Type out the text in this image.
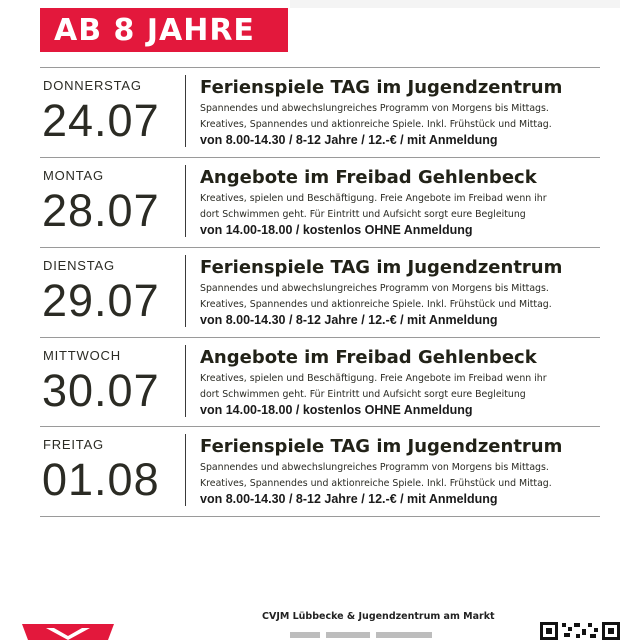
AB 8 JAHRE
DONNERSTAG
24.07
Ferienspiele TAG im Jugendzentrum
Spannendes und abwechslungreiches Programm von Morgens bis Mittags.
Kreatives, Spannendes und aktionreiche Spiele. Inkl. Frühstück und Mittag.
von 8.00-14.30 / 8-12 Jahre / 12.-€ / mit Anmeldung
MONTAG
28.07
Angebote im Freibad Gehlenbeck
Kreatives, spielen und Beschäftigung. Freie Angebote im Freibad wenn ihr
dort Schwimmen geht. Für Eintritt und Aufsicht sorgt eure Begleitung
von 14.00-18.00 / kostenlos OHNE Anmeldung
DIENSTAG
29.07
Ferienspiele TAG im Jugendzentrum
Spannendes und abwechslungreiches Programm von Morgens bis Mittags.
Kreatives, Spannendes und aktionreiche Spiele. Inkl. Frühstück und Mittag.
von 8.00-14.30 / 8-12 Jahre / 12.-€ / mit Anmeldung
MITTWOCH
30.07
Angebote im Freibad Gehlenbeck
Kreatives, spielen und Beschäftigung. Freie Angebote im Freibad wenn ihr
dort Schwimmen geht. Für Eintritt und Aufsicht sorgt eure Begleitung
von 14.00-18.00 / kostenlos OHNE Anmeldung
FREITAG
01.08
Ferienspiele TAG im Jugendzentrum
Spannendes und abwechslungreiches Programm von Morgens bis Mittags.
Kreatives, Spannendes und aktionreiche Spiele. Inkl. Frühstück und Mittag.
von 8.00-14.30 / 8-12 Jahre / 12.-€ / mit Anmeldung
CVJM Lübbecke & Jugendzentrum am Markt
